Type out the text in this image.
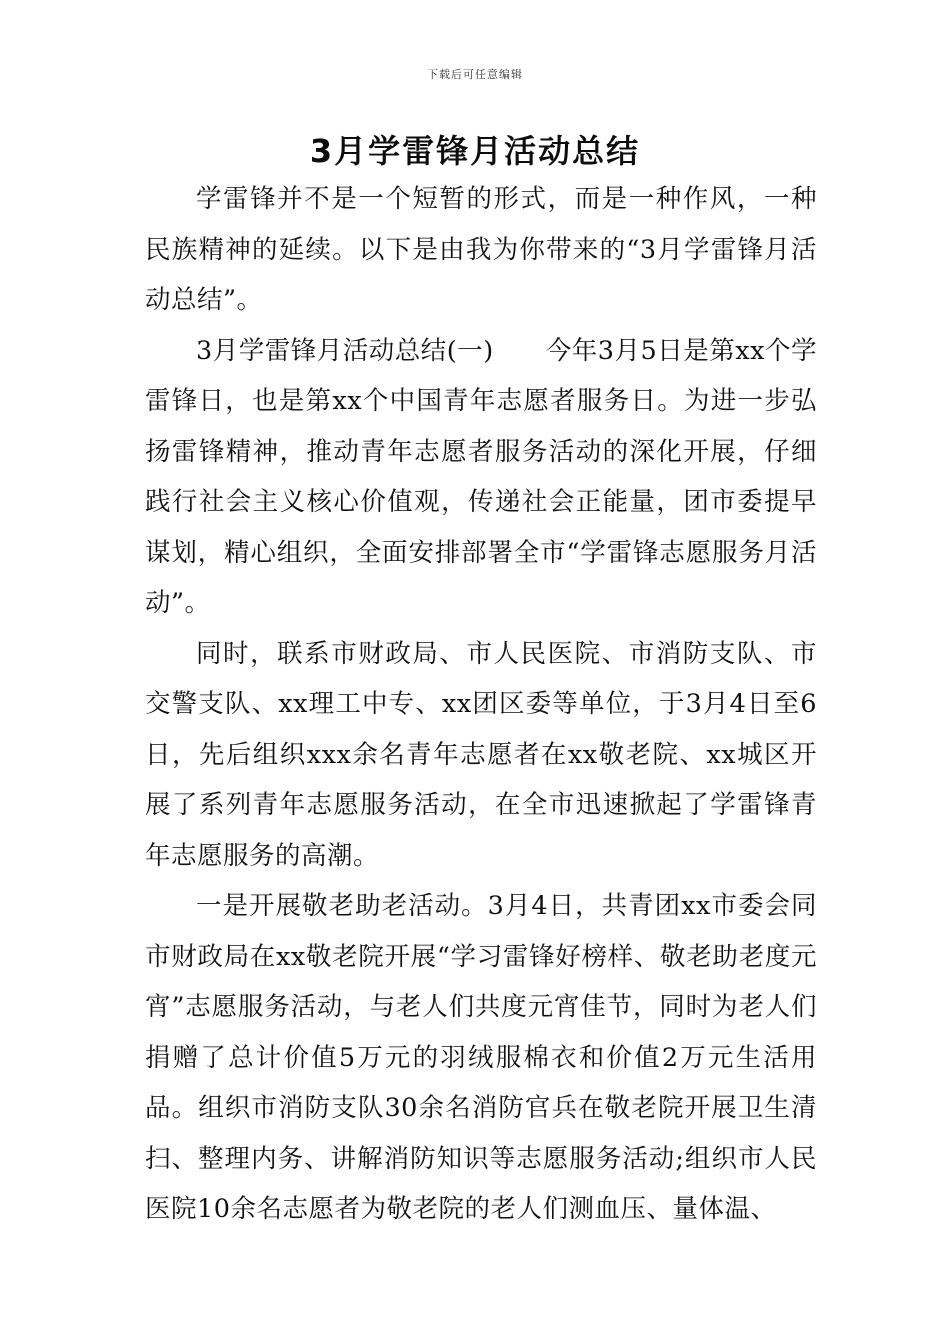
下载后可任意编辑
3月学雷锋月活动总结

学雷锋并不是一个短暂的形式，而是一种作风，一种民族精神的延续。以下是由我为你带来的“3月学雷锋月活动总结”。

3月学雷锋月活动总结(一)　　今年3月5日是第xx个学雷锋日，也是第xx个中国青年志愿者服务日。为进一步弘扬雷锋精神，推动青年志愿者服务活动的深化开展，仔细践行社会主义核心价值观，传递社会正能量，团市委提早谋划，精心组织，全面安排部署全市“学雷锋志愿服务月活动”。

同时，联系市财政局、市人民医院、市消防支队、市交警支队、xx理工中专、xx团区委等单位，于3月4日至6日，先后组织xxx余名青年志愿者在xx敬老院、xx城区开展了系列青年志愿服务活动，在全市迅速掀起了学雷锋青年志愿服务的高潮。

一是开展敬老助老活动。3月4日，共青团xx市委会同市财政局在xx敬老院开展“学习雷锋好榜样、敬老助老度元宵”志愿服务活动，与老人们共度元宵佳节，同时为老人们捐赠了总计价值5万元的羽绒服棉衣和价值2万元生活用品。组织市消防支队30余名消防官兵在敬老院开展卫生清扫、整理内务、讲解消防知识等志愿服务活动;组织市人民医院10余名志愿者为敬老院的老人们测血压、量体温、
